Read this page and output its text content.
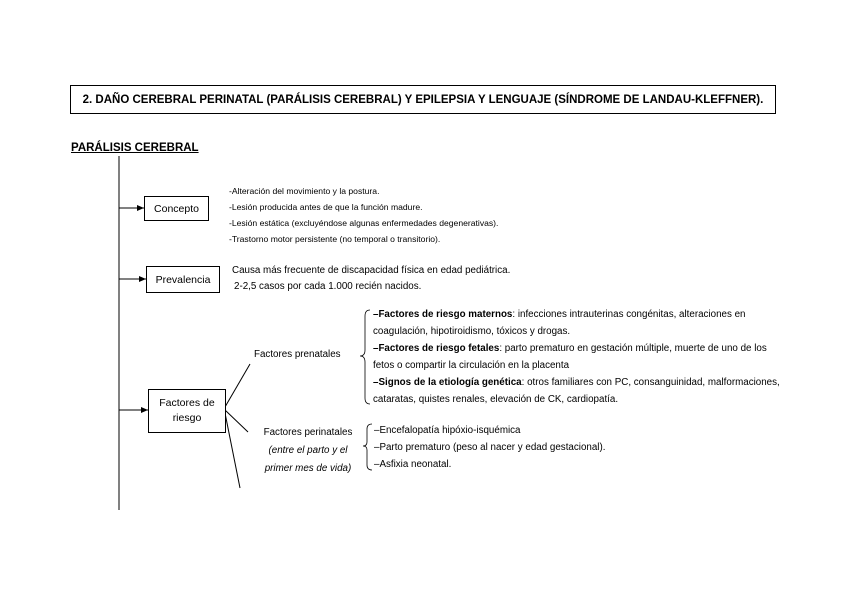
2. DAÑO CEREBRAL PERINATAL (PARÁLISIS CEREBRAL) Y EPILEPSIA Y LENGUAJE (SÍNDROME DE LANDAU-KLEFFNER).
PARÁLISIS CEREBRAL
Concepto
-Alteración del movimiento y la postura.
-Lesión producida antes de que la función madure.
-Lesión estática (excluyéndose algunas enfermedades degenerativas).
-Trastorno motor persistente (no temporal o transitorio).
Prevalencia
Causa más frecuente de discapacidad física en edad pediátrica.
2-2,5 casos por cada 1.000 recién nacidos.
Factores de
riesgo
Factores prenatales
–Factores de riesgo maternos: infecciones intrauterinas congénitas, alteraciones en
coagulación, hipotiroidismo, tóxicos y drogas.
–Factores de riesgo fetales: parto prematuro en gestación múltiple, muerte de uno de los
fetos o compartir la circulación en la placenta
–Signos de la etiología genética: otros familiares con PC, consanguinidad, malformaciones,
cataratas, quistes renales, elevación de CK, cardiopatía.
Factores perinatales
(entre el parto y el
primer mes de vida)
–Encefalopatía hipóxio-isquémica
–Parto prematuro (peso al nacer y edad gestacional).
–Asfixia neonatal.
